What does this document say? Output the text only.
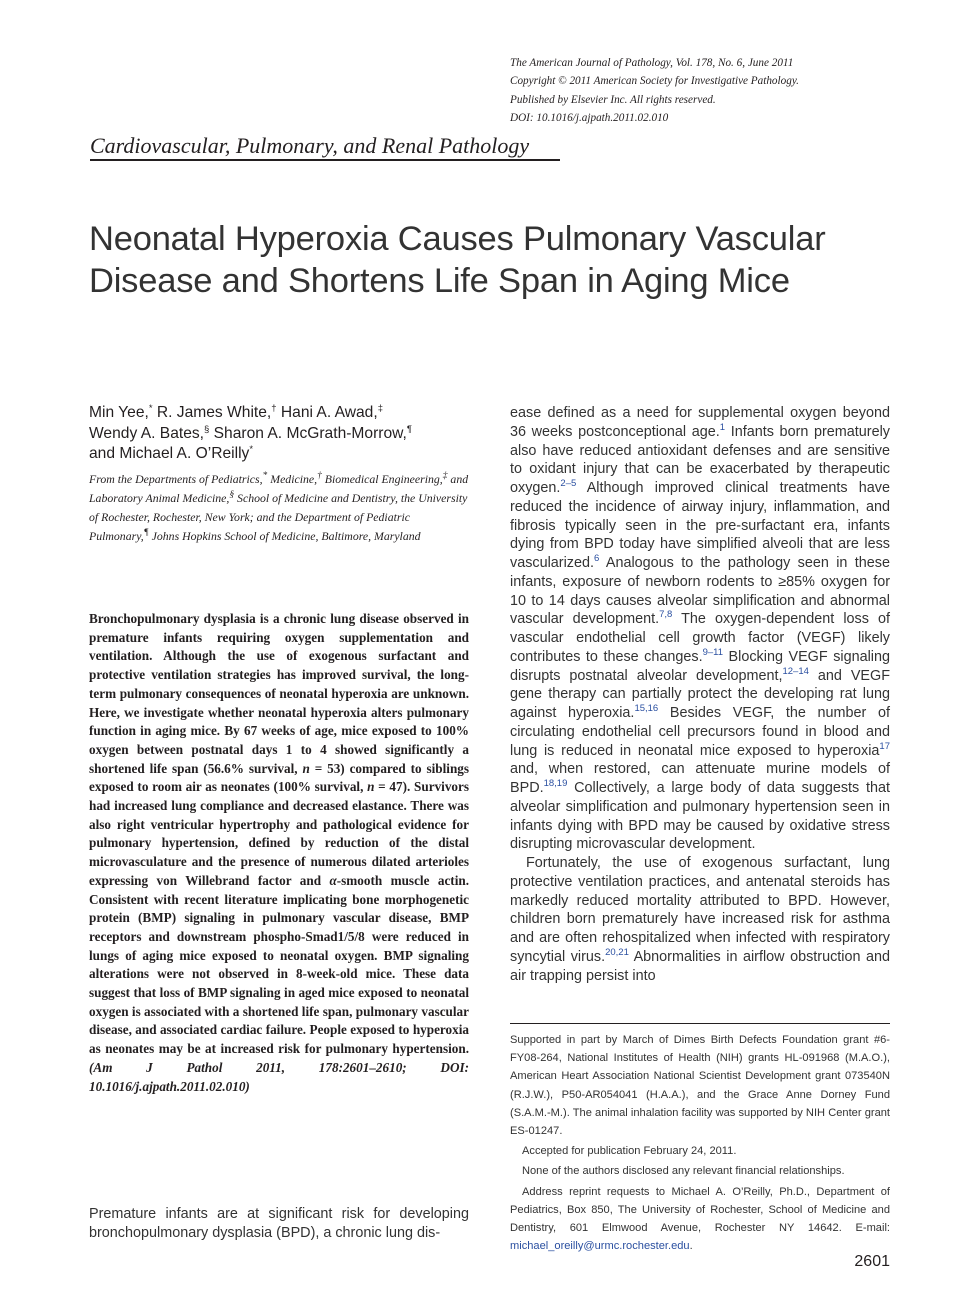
The American Journal of Pathology, Vol. 178, No. 6, June 2011
Copyright © 2011 American Society for Investigative Pathology.
Published by Elsevier Inc. All rights reserved.
DOI: 10.1016/j.ajpath.2011.02.010
Cardiovascular, Pulmonary, and Renal Pathology
Neonatal Hyperoxia Causes Pulmonary Vascular
Disease and Shortens Life Span in Aging Mice
Min Yee,* R. James White,† Hani A. Awad,‡
Wendy A. Bates,§ Sharon A. McGrath-Morrow,¶
and Michael A. O’Reilly*
From the Departments of Pediatrics,* Medicine,† Biomedical Engineering,‡ and Laboratory Animal Medicine,§ School of Medicine and Dentistry, the University of Rochester, Rochester, New York; and the Department of Pediatric Pulmonary,¶ Johns Hopkins School of Medicine, Baltimore, Maryland
Bronchopulmonary dysplasia is a chronic lung disease observed in premature infants requiring oxygen supplementation and ventilation. Although the use of exogenous surfactant and protective ventilation strategies has improved survival, the long-term pulmonary consequences of neonatal hyperoxia are unknown. Here, we investigate whether neonatal hyperoxia alters pulmonary function in aging mice. By 67 weeks of age, mice exposed to 100% oxygen between postnatal days 1 to 4 showed significantly a shortened life span (56.6% survival, n = 53) compared to siblings exposed to room air as neonates (100% survival, n = 47). Survivors had increased lung compliance and decreased elastance. There was also right ventricular hypertrophy and pathological evidence for pulmonary hypertension, defined by reduction of the distal microvasculature and the presence of numerous dilated arterioles expressing von Willebrand factor and α-smooth muscle actin. Consistent with recent literature implicating bone morphogenetic protein (BMP) signaling in pulmonary vascular disease, BMP receptors and downstream phospho-Smad1/5/8 were reduced in lungs of aging mice exposed to neonatal oxygen. BMP signaling alterations were not observed in 8-week-old mice. These data suggest that loss of BMP signaling in aged mice exposed to neonatal oxygen is associated with a shortened life span, pulmonary vascular disease, and associated cardiac failure. People exposed to hyperoxia as neonates may be at increased risk for pulmonary hypertension. (Am J Pathol 2011, 178:2601–2610; DOI: 10.1016/j.ajpath.2011.02.010)
Premature infants are at significant risk for developing bronchopulmonary dysplasia (BPD), a chronic lung dis-

ease defined as a need for supplemental oxygen beyond 36 weeks postconceptional age.$^1$ Infants born prematurely also have reduced antioxidant defenses and are sensitive to oxidant injury that can be exacerbated by therapeutic oxygen.$^{2-5}$ Although improved clinical treatments have reduced the incidence of airway injury, inflammation, and fibrosis typically seen in the pre-surfactant era, infants dying from BPD today have simplified alveoli that are less vascularized.$^6$ Analogous to the pathology seen in these infants, exposure of newborn rodents to ≥85% oxygen for 10 to 14 days causes alveolar simplification and abnormal vascular development.$^{7,8}$ The oxygen-dependent loss of vascular endothelial cell growth factor (VEGF) likely contributes to these changes.$^{9-11}$ Blocking VEGF signaling disrupts postnatal alveolar development,$^{12-14}$ and VEGF gene therapy can partially protect the developing rat lung against hyperoxia.$^{15,16}$ Besides VEGF, the number of circulating endothelial cell precursors found in blood and lung is reduced in neonatal mice exposed to hyperoxia$^{17}$ and, when restored, can attenuate murine models of BPD.$^{18,19}$ Collectively, a large body of data suggests that alveolar simplification and pulmonary hypertension seen in infants dying with BPD may be caused by oxidative stress disrupting microvascular development.

Fortunately, the use of exogenous surfactant, lung protective ventilation practices, and antenatal steroids has markedly reduced mortality attributed to BPD. However, children born prematurely have increased risk for asthma and are often rehospitalized when infected with respiratory syncytial virus.$^{20,21}$ Abnormalities in airflow obstruction and air trapping persist into

Supported in part by March of Dimes Birth Defects Foundation grant #6-FY08-264, National Institutes of Health (NIH) grants HL-091968 (M.A.O.), American Heart Association National Scientist Development grant 073540N (R.J.W.), P50-AR054041 (H.A.A.), and the Grace Anne Dorney Fund (S.A.M.-M.). The animal inhalation facility was supported by NIH Center grant ES-01247.

Accepted for publication February 24, 2011.

None of the authors disclosed any relevant financial relationships.

Address reprint requests to Michael A. O’Reilly, Ph.D., Department of Pediatrics, Box 850, The University of Rochester, School of Medicine and Dentistry, 601 Elmwood Avenue, Rochester NY 14642. E-mail: michael_oreilly@urmc.rochester.edu.

2601
